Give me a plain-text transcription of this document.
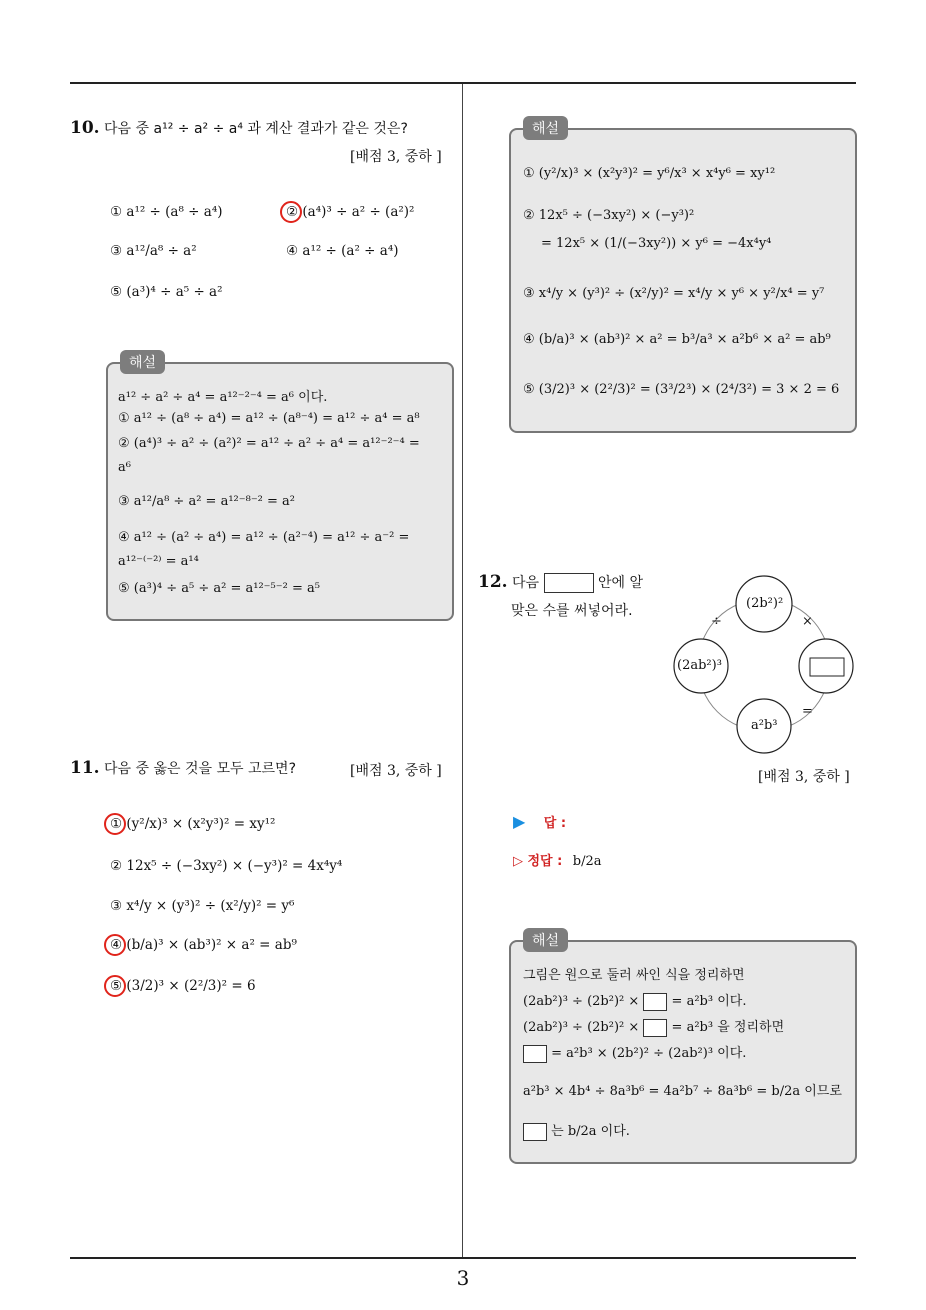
3
10. 다음 중 a¹² ÷ a² ÷ a⁴ 과 계산 결과가 같은 것은?
[배점 3, 중하 ]
① a¹² ÷ (a⁸ ÷ a⁴)	② (a⁴)³ ÷ a² ÷ (a²)²
③ a¹²/a⁸ ÷ a²	④ a¹² ÷ (a² ÷ a⁴)
⑤ (a³)⁴ ÷ a⁵ ÷ a²
해설
a¹² ÷ a² ÷ a⁴ = a¹²⁻²⁻⁴ = a⁶ 이다.
① a¹² ÷ (a⁸ ÷ a⁴) = a¹² ÷ (a⁸⁻⁴) = a¹² ÷ a⁴ = a⁸
② (a⁴)³ ÷ a² ÷ (a²)² = a¹² ÷ a² ÷ a⁴ = a¹²⁻²⁻⁴ =
a⁶
③ a¹²/a⁸ ÷ a² = a¹²⁻⁸⁻² = a²
④ a¹² ÷ (a² ÷ a⁴) = a¹² ÷ (a²⁻⁴) = a¹² ÷ a⁻² =
a¹²⁻⁽⁻²⁾ = a¹⁴
⑤ (a³)⁴ ÷ a⁵ ÷ a² = a¹²⁻⁵⁻² = a⁵
11. 다음 중 옳은 것을 모두 고르면?	[배점 3, 중하 ]
① (y²/x)³ × (x²y³)² = xy¹²
② 12x⁵ ÷ (−3xy²) × (−y³)² = 4x⁴y⁴
③ x⁴/y × (y³)² ÷ (x²/y)² = y⁶
④ (b/a)³ × (ab³)² × a² = ab⁹
⑤ (3/2)³ × (2²/3)² = 6
해설
① (y²/x)³ × (x²y³)² = y⁶/x³ × x⁴y⁶ = xy¹²
② 12x⁵ ÷ (−3xy²) × (−y³)²
= 12x⁵ × (1/(−3xy²)) × y⁶ = −4x⁴y⁴
③ x⁴/y × (y³)² ÷ (x²/y)² = x⁴/y × y⁶ × y²/x⁴ = y⁷
④ (b/a)³ × (ab³)² × a² = b³/a³ × a²b⁶ × a² = ab⁹
⑤ (3/2)³ × (2²/3)² = (3³/2³) × (2⁴/3²) = 3 × 2 = 6
12. 다음	안에 알
맞은 수를 써넣어라.	(2b²)²
(2ab²)³
a²b³
÷	×
=
[배점 3, 중하 ]
▶ 답 :
▷ 정답 : b/2a
해설
그림은 원으로 둘러 싸인 식을 정리하면
(2ab²)³ ÷ (2b²)² × = a²b³ 이다.
(2ab²)³ ÷ (2b²)² × = a²b³ 을 정리하면
= a²b³ × (2b²)² ÷ (2ab²)³ 이다.
a²b³ × 4b⁴ ÷ 8a³b⁶ = 4a²b⁷ ÷ 8a³b⁶ = b/2a 이므로
는 b/2a 이다.
